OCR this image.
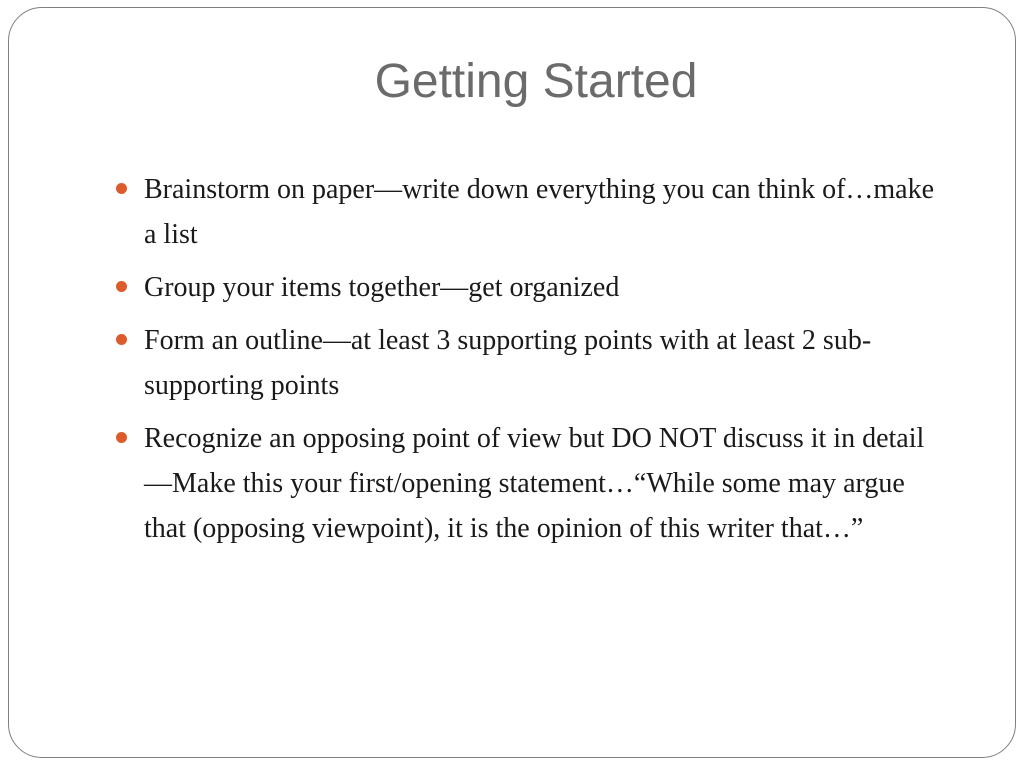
Getting Started
Brainstorm on paper—write down everything you can think of…make a list
Group your items together—get organized
Form an outline—at least 3 supporting points with at least 2 sub-supporting points
Recognize an opposing point of view but DO NOT discuss it in detail—Make this your first/opening statement…“While some may argue that (opposing viewpoint), it is the opinion of this writer that…”
